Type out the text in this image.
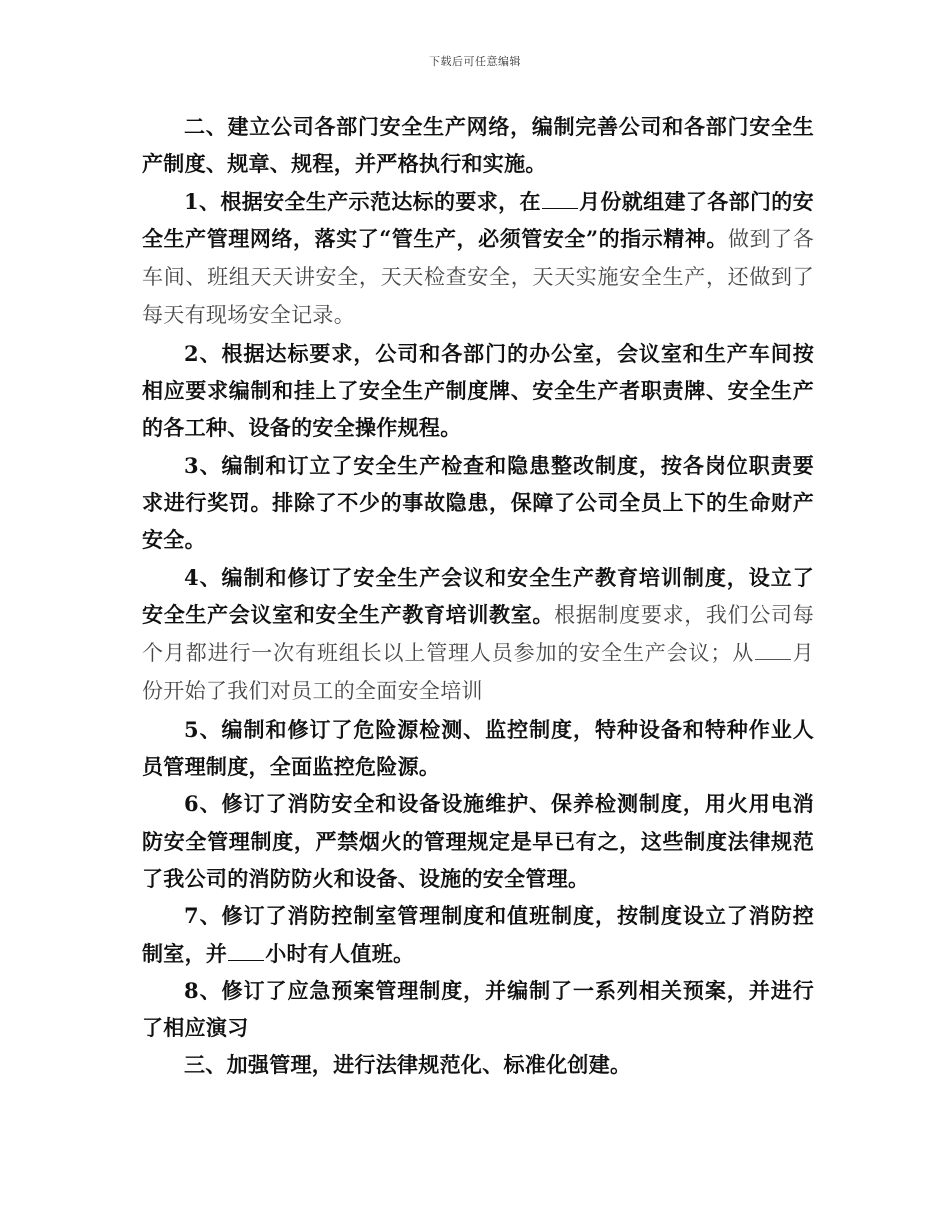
下载后可任意编辑

二、建立公司各部门安全生产网络，编制完善公司和各部门安全生产制度、规章、规程，并严格执行和实施。

1、根据安全生产示范达标的要求，在 月份就组建了各部门的安全生产管理网络，落实了“管生产，必须管安全”的指示精神。做到了各车间、班组天天讲安全，天天检查安全，天天实施安全生产，还做到了每天有现场安全记录。

2、根据达标要求，公司和各部门的办公室，会议室和生产车间按相应要求编制和挂上了安全生产制度牌、安全生产者职责牌、安全生产的各工种、设备的安全操作规程。

3、编制和订立了安全生产检查和隐患整改制度，按各岗位职责要求进行奖罚。排除了不少的事故隐患，保障了公司全员上下的生命财产安全。

4、编制和修订了安全生产会议和安全生产教育培训制度，设立了安全生产会议室和安全生产教育培训教室。根据制度要求，我们公司每个月都进行一次有班组长以上管理人员参加的安全生产会议；从 月份开始了我们对员工的全面安全培训

5、编制和修订了危险源检测、监控制度，特种设备和特种作业人员管理制度，全面监控危险源。

6、修订了消防安全和设备设施维护、保养检测制度，用火用电消防安全管理制度，严禁烟火的管理规定是早已有之，这些制度法律规范了我公司的消防防火和设备、设施的安全管理。

7、修订了消防控制室管理制度和值班制度，按制度设立了消防控制室，并 小时有人值班。

8、修订了应急预案管理制度，并编制了一系列相关预案，并进行了相应演习

三、加强管理，进行法律规范化、标准化创建。
